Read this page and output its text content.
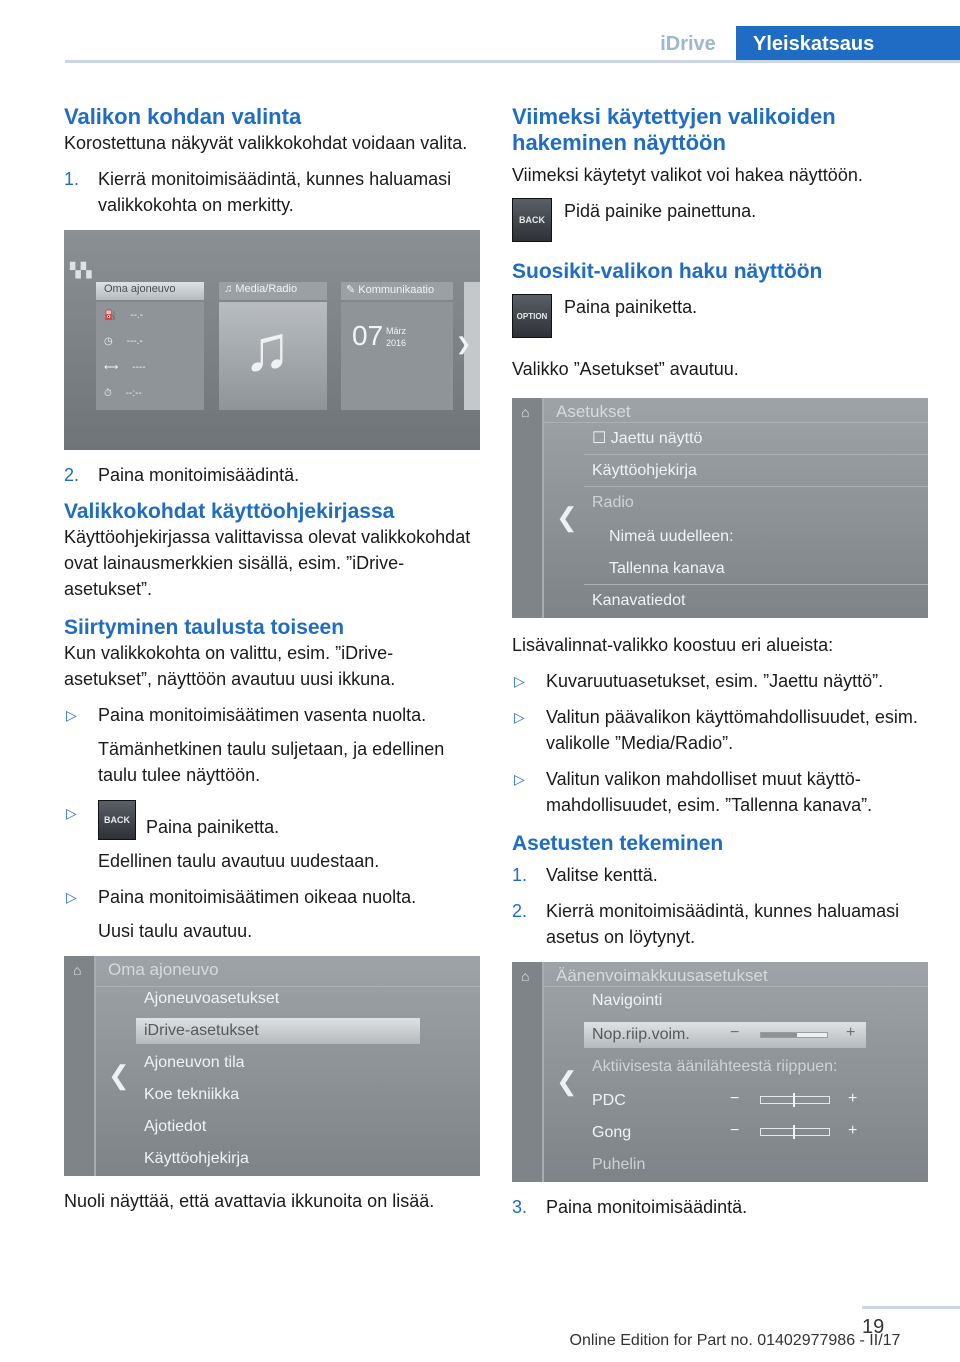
iDrive	Yleiskatsaus
Valikon kohdan valinta

Korostettuna näkyvät valikkokohdat voidaan valita.

1. Kierrä monitoimisäädintä, kunnes haluamasi valikkokohta on merkitty.
▚▚
Oma ajoneuvo	♫ Media/Radio	✎ Kommunikaatio
⛽     --.-
◷     ---.-
⟷     ----
⏱     --:--
♫ 07 März
2016	❯
2. Paina monitoimisäädintä.
Valikkokohdat käyttöohjekirjassa

Käyttöohjekirjassa valittavissa olevat valikkokohdat ovat lainausmerkkien sisällä, esim. ”iDrive-asetukset”.

Siirtyminen taulusta toiseen

Kun valikkokohta on valittu, esim. ”iDrive-asetukset”, näyttöön avautuu uusi ikkuna.

▷ Paina monitoimisäätimen vasenta nuolta.
Tämänhetkinen taulu suljetaan, ja edellinen taulu tulee näyttöön.
▷	BACK Paina painiketta.
Edellinen taulu avautuu uudestaan.
▷ Paina monitoimisäätimen oikeaa nuolta.
Uusi taulu avautuu.
⌂ Oma ajoneuvo
❮
Ajoneuvoasetukset
iDrive-asetukset
Ajoneuvon tila
Koe tekniikka
Ajotiedot
Käyttöohjekirja

Nuoli näyttää, että avattavia ikkunoita on lisää.

Viimeksi käytettyjen valikoiden hakeminen näyttöön

Viimeksi käytetyt valikot voi hakea näyttöön.

BACK	Pidä painike painettuna.

Suosikit-valikon haku näyttöön
OPTION Paina painiketta.

Valikko ”Asetukset” avautuu.

⌂ Asetukset
❮
☐ Jaettu näyttö
Käyttöohjekirja
Radio
Nimeä uudelleen:
Tallenna kanava
Kanavatiedot

Lisävalinnat-valikko koostuu eri alueista:

▷ Kuvaruutuasetukset, esim. ”Jaettu näyttö”.
▷ Valitun päävalikon käyttömahdollisuudet, esim. valikolle ”Media/Radio”.
▷ Valitun valikon mahdolliset muut käyttömahdollisuudet, esim. ”Tallenna kanava”.
Asetusten tekeminen
1. Valitse kenttä.
2. Kierrä monitoimisäädintä, kunnes haluamasi asetus on löytynyt.
⌂ Äänenvoimakkuusasetukset
❮
Navigointi
Nop.riip.voim.	−	+
Aktiivisesta äänilähteestä riippuen:
PDC	−	+
Gong	−	+
Puhelin
3. Paina monitoimisäädintä.
19
Online Edition for Part no. 01402977986 - II/17
